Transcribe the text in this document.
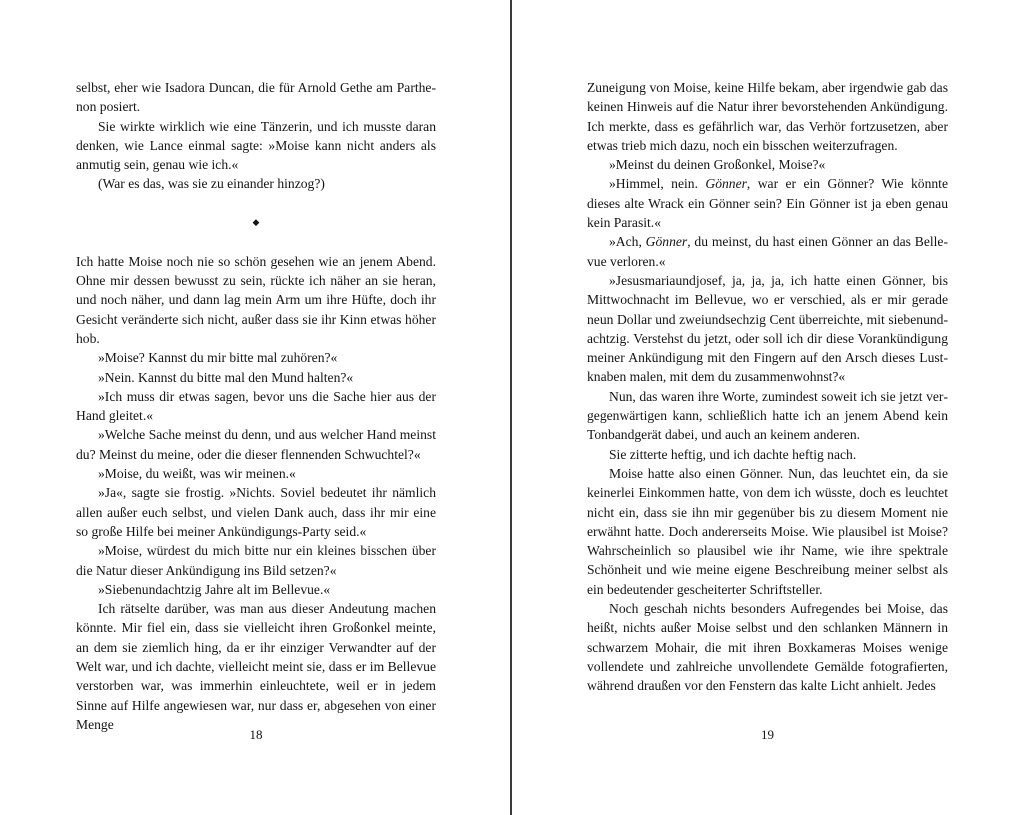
selbst, eher wie Isadora Duncan, die für Arnold Gethe am Parthenon posiert.

Sie wirkte wirklich wie eine Tänzerin, und ich musste daran denken, wie Lance einmal sagte: »Moise kann nicht anders als anmutig sein, genau wie ich.«

(War es das, was sie zu einander hinzog?)

◆

Ich hatte Moise noch nie so schön gesehen wie an jenem Abend. Ohne mir dessen bewusst zu sein, rückte ich näher an sie heran, und noch näher, und dann lag mein Arm um ihre Hüfte, doch ihr Gesicht veränderte sich nicht, außer dass sie ihr Kinn etwas höher hob.

»Moise? Kannst du mir bitte mal zuhören?«

»Nein. Kannst du bitte mal den Mund halten?«

»Ich muss dir etwas sagen, bevor uns die Sache hier aus der Hand gleitet.«

»Welche Sache meinst du denn, und aus welcher Hand meinst du? Meinst du meine, oder die dieser flennenden Schwuchtel?«

»Moise, du weißt, was wir meinen.«

»Ja«, sagte sie frostig. »Nichts. Soviel bedeutet ihr nämlich allen außer euch selbst, und vielen Dank auch, dass ihr mir eine so große Hilfe bei meiner Ankündigungs-Party seid.«

»Moise, würdest du mich bitte nur ein kleines bisschen über die Natur dieser Ankündigung ins Bild setzen?«

»Siebenundachtzig Jahre alt im Bellevue.«

Ich rätselte darüber, was man aus dieser Andeutung machen könnte. Mir fiel ein, dass sie vielleicht ihren Großonkel meinte, an dem sie ziemlich hing, da er ihr einziger Verwandter auf der Welt war, und ich dachte, vielleicht meint sie, dass er im Bellevue verstorben war, was immerhin einleuchtete, weil er in jedem Sinne auf Hilfe angewiesen war, nur dass er, abgesehen von einer Menge

18

Zuneigung von Moise, keine Hilfe bekam, aber irgendwie gab das keinen Hinweis auf die Natur ihrer bevorstehenden Ankündigung. Ich merkte, dass es gefährlich war, das Verhör fortzusetzen, aber etwas trieb mich dazu, noch ein bisschen weiterzufragen.

»Meinst du deinen Großonkel, Moise?«

»Himmel, nein. Gönner, war er ein Gönner? Wie könnte dieses alte Wrack ein Gönner sein? Ein Gönner ist ja eben genau kein Parasit.«

»Ach, Gönner, du meinst, du hast einen Gönner an das Bellevue verloren.«

»Jesusmariaundjosef, ja, ja, ja, ich hatte einen Gönner, bis Mittwochnacht im Bellevue, wo er verschied, als er mir gerade neun Dollar und zweiundsechzig Cent überreichte, mit siebenundachtzig. Verstehst du jetzt, oder soll ich dir diese Vorankündigung meiner Ankündigung mit den Fingern auf den Arsch dieses Lustknaben malen, mit dem du zusammenwohnst?«

Nun, das waren ihre Worte, zumindest soweit ich sie jetzt vergegenwärtigen kann, schließlich hatte ich an jenem Abend kein Tonbandgerät dabei, und auch an keinem anderen.

Sie zitterte heftig, und ich dachte heftig nach.

Moise hatte also einen Gönner. Nun, das leuchtet ein, da sie keinerlei Einkommen hatte, von dem ich wüsste, doch es leuchtet nicht ein, dass sie ihn mir gegenüber bis zu diesem Moment nie erwähnt hatte. Doch andererseits Moise. Wie plausibel ist Moise? Wahrscheinlich so plausibel wie ihr Name, wie ihre spektrale Schönheit und wie meine eigene Beschreibung meiner selbst als ein bedeutender gescheiterter Schriftsteller.

Noch geschah nichts besonders Aufregendes bei Moise, das heißt, nichts außer Moise selbst und den schlanken Männern in schwarzem Mohair, die mit ihren Boxkameras Moises wenige vollendete und zahlreiche unvollendete Gemälde fotografierten, während draußen vor den Fenstern das kalte Licht anhielt. Jedes

19
